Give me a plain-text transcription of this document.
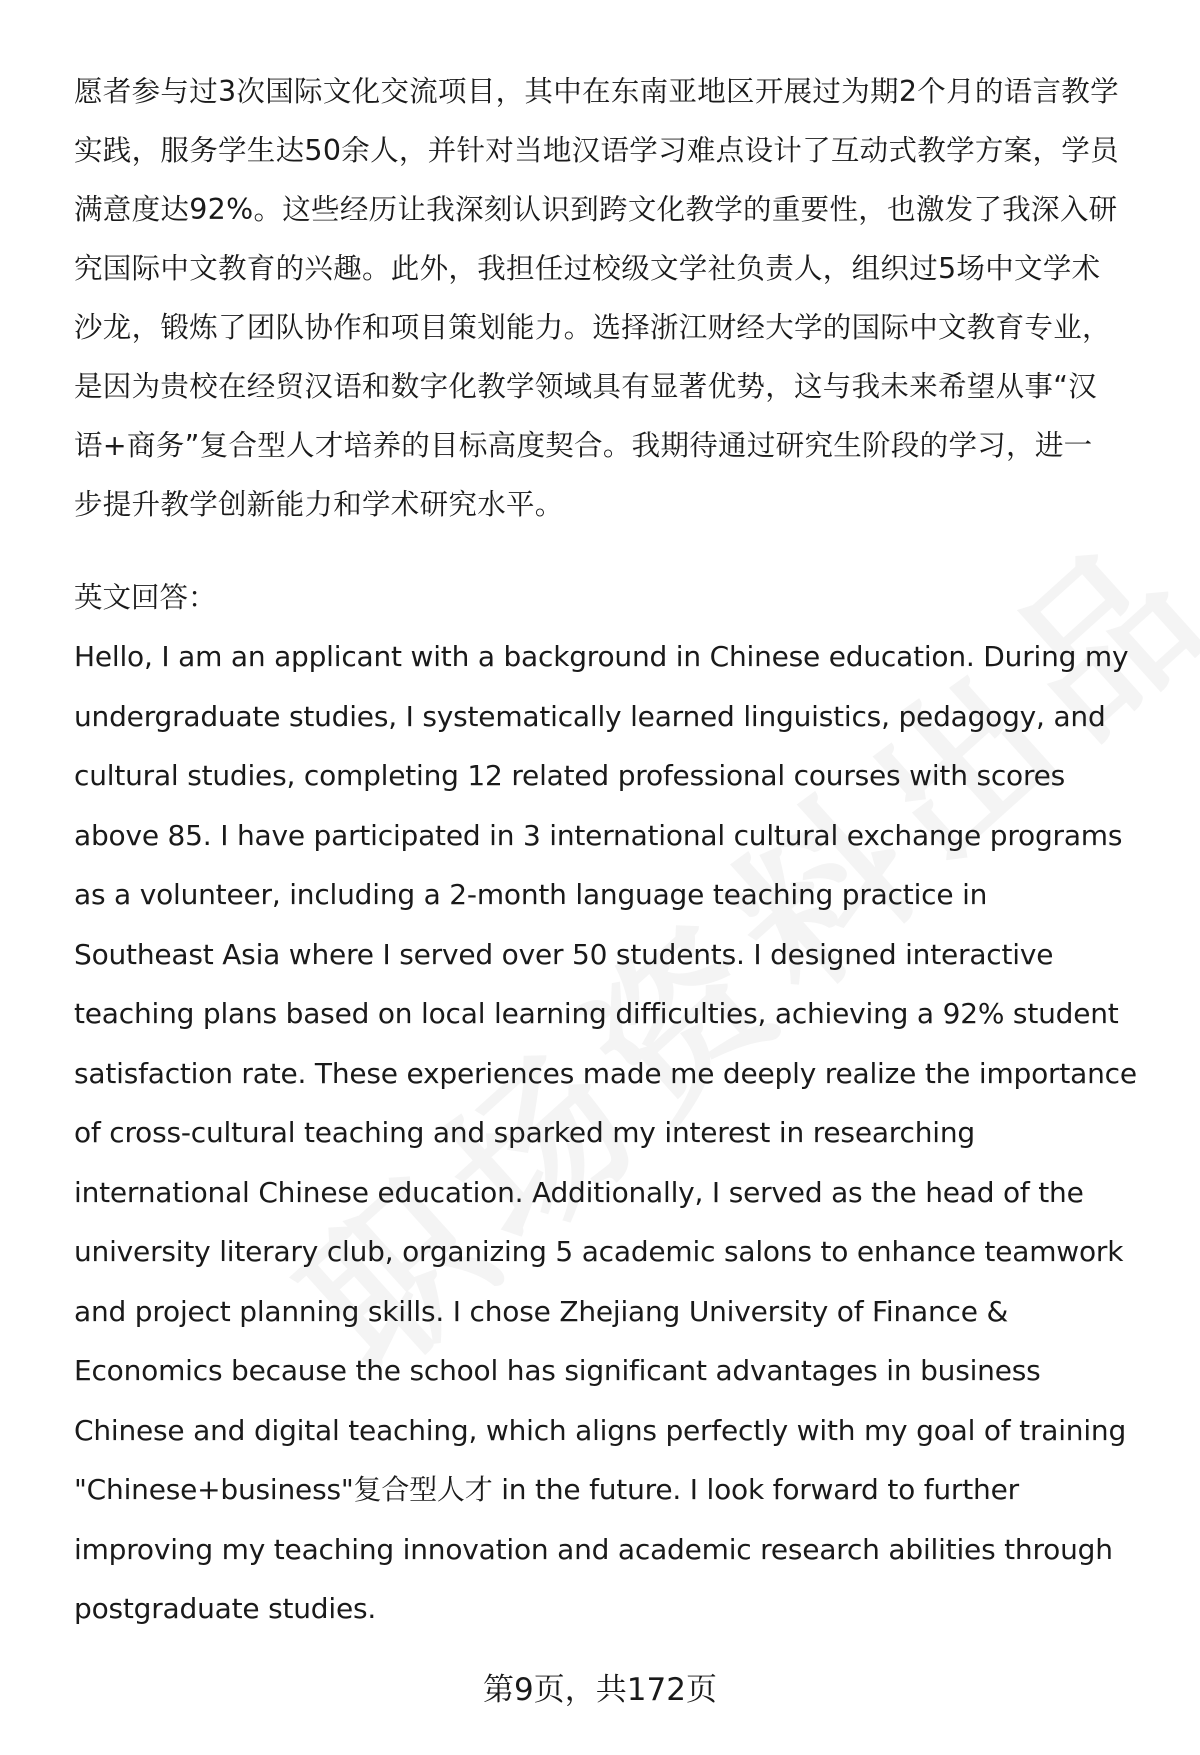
愿者参与过3次国际文化交流项目，其中在东南亚地区开展过为期2个月的语言教学
实践，服务学生达50余人，并针对当地汉语学习难点设计了互动式教学方案，学员
满意度达92%。这些经历让我深刻认识到跨文化教学的重要性，也激发了我深入研
究国际中文教育的兴趣。此外，我担任过校级文学社负责人，组织过5场中文学术
沙龙，锻炼了团队协作和项目策划能力。选择浙江财经大学的国际中文教育专业，
是因为贵校在经贸汉语和数字化教学领域具有显著优势，这与我未来希望从事“汉
语+商务”复合型人才培养的目标高度契合。我期待通过研究生阶段的学习，进一
步提升教学创新能力和学术研究水平。
英文回答：
Hello, I am an applicant with a background in Chinese education. During my
undergraduate studies, I systematically learned linguistics, pedagogy, and
cultural studies, completing 12 related professional courses with scores
above 85. I have participated in 3 international cultural exchange programs
as a volunteer, including a 2-month language teaching practice in
Southeast Asia where I served over 50 students. I designed interactive
teaching plans based on local learning difficulties, achieving a 92% student
satisfaction rate. These experiences made me deeply realize the importance
of cross-cultural teaching and sparked my interest in researching
international Chinese education. Additionally, I served as the head of the
university literary club, organizing 5 academic salons to enhance teamwork
and project planning skills. I chose Zhejiang University of Finance &
Economics because the school has significant advantages in business
Chinese and digital teaching, which aligns perfectly with my goal of training
"Chinese+business"复合型人才 in the future. I look forward to further
improving my teaching innovation and academic research abilities through
postgraduate studies.
第9页，共172页
